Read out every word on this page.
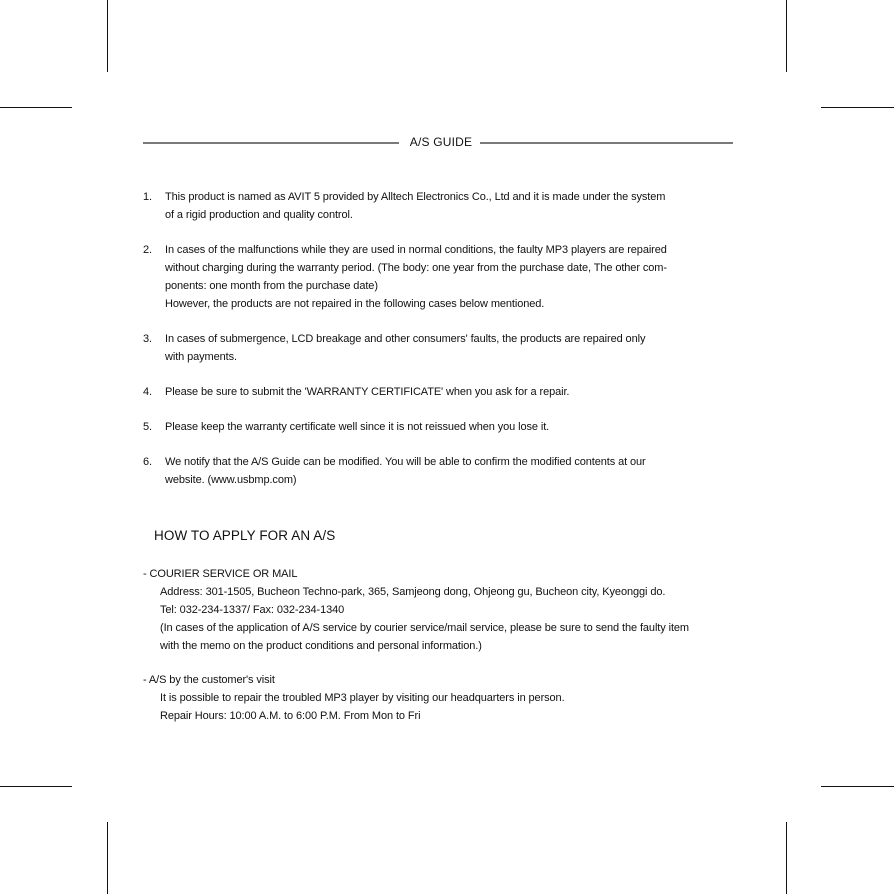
A/S GUIDE
1. This product is named as AVIT 5 provided by Alltech Electronics Co., Ltd and it is made under the system
of a rigid production and quality control.
2. In cases of the malfunctions while they are used in normal conditions, the faulty MP3 players are repaired
without charging during the warranty period. (The body: one year from the purchase date, The other com-
ponents: one month from the purchase date)
However, the products are not repaired in the following cases below mentioned.
3. In cases of submergence, LCD breakage and other consumers' faults, the products are repaired only
with payments.
4. Please be sure to submit the 'WARRANTY CERTIFICATE' when you ask for a repair.
5. Please keep the warranty certificate well since it is not reissued when you lose it.
6. We notify that the A/S Guide can be modified. You will be able to confirm the modified contents at our
website. (www.usbmp.com)
HOW TO APPLY FOR AN A/S
- COURIER SERVICE OR MAIL
Address: 301-1505, Bucheon Techno-park, 365, Samjeong dong, Ohjeong gu, Bucheon city, Kyeonggi do.
Tel: 032-234-1337/ Fax: 032-234-1340
(In cases of the application of A/S service by courier service/mail service, please be sure to send the faulty item
with the memo on the product conditions and personal information.)
- A/S by the customer's visit
It is possible to repair the troubled MP3 player by visiting our headquarters in person.
Repair Hours: 10:00 A.M. to 6:00 P.M. From Mon to Fri
